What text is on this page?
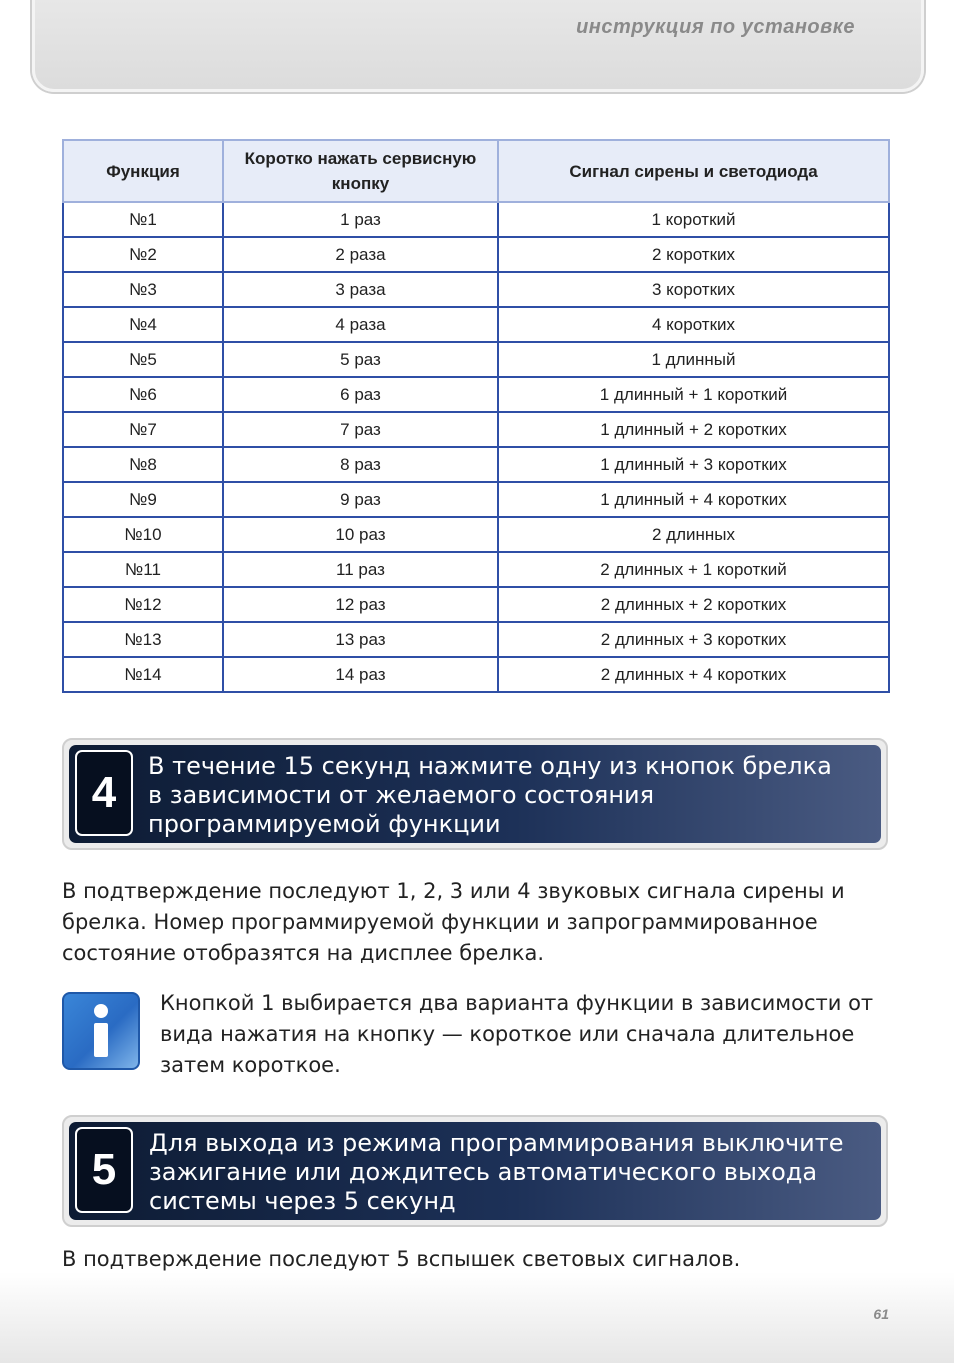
инструкция по установке
Функция	Коротко нажать сервисную кнопку	Сигнал сирены и светодиода
№1	1 раз	1 короткий
№2	2 раза	2 коротких
№3	3 раза	3 коротких
№4	4 раза	4 коротких
№5	5 раз	1 длинный
№6	6 раз	1 длинный + 1 короткий
№7	7 раз	1 длинный + 2 коротких
№8	8 раз	1 длинный + 3 коротких
№9	9 раз	1 длинный + 4 коротких
№10	10 раз	2 длинных
№11	11 раз	2 длинных + 1 короткий
№12	12 раз	2 длинных + 2 коротких
№13	13 раз	2 длинных + 3 коротких
№14	14 раз	2 длинных + 4 коротких
4
В течение 15 секунд нажмите одну из кнопок брелка
в зависимости от желаемого состояния
программируемой функции
В подтверждение последуют 1, 2, 3 или 4 звуковых сигнала сирены и
брелка. Номер программируемой функции и запрограммированное
состояние отобразятся на дисплее брелка.
Кнопкой 1 выбирается два варианта функции в зависимости от
вида нажатия на кнопку — короткое или сначала длительное
затем короткое.
5
Для выхода из режима программирования выключите
зажигание или дождитесь автоматического выхода
системы через 5 секунд
В подтверждение последуют 5 вспышек световых сигналов.
61
